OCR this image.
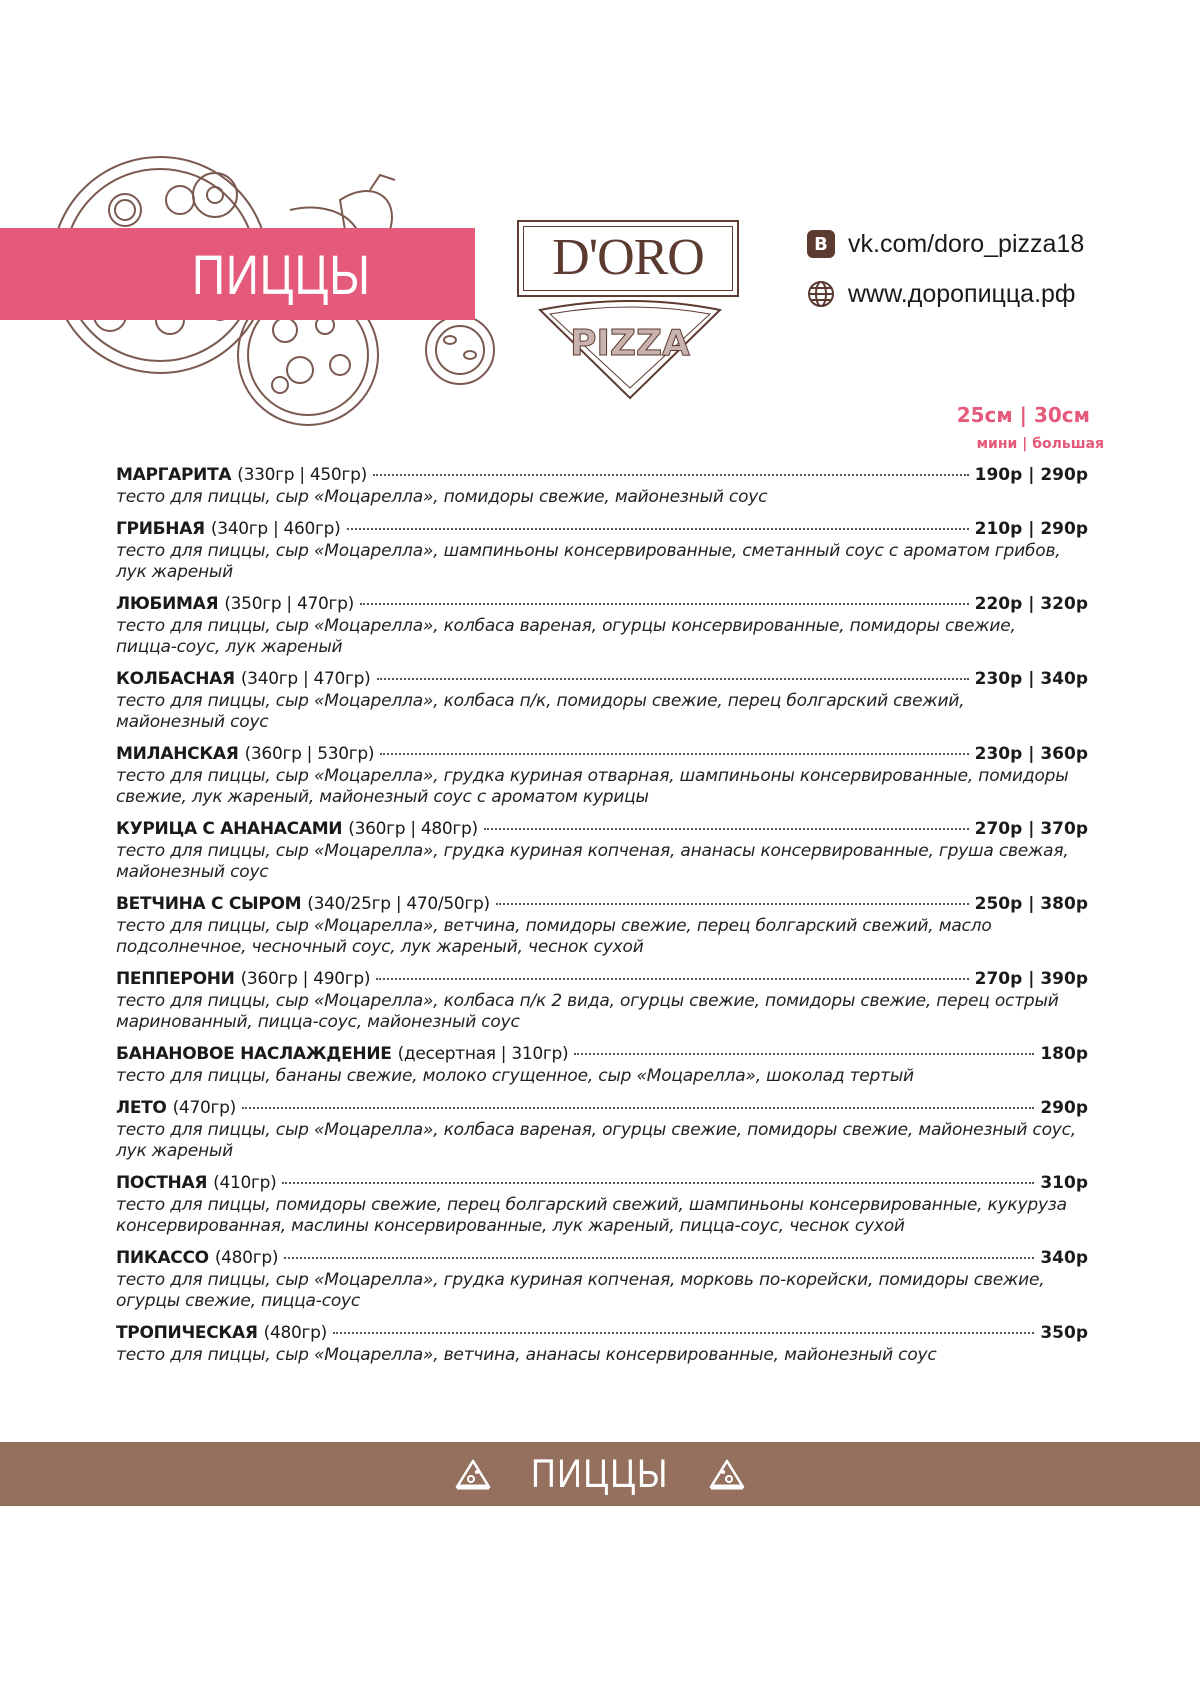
ПИЦЦЫ	D'ORO
PIZZA
B vk.com/doro_pizza18
www.доропицца.рф
25см | 30см
мини | большая
МАРГАРИТА (330гр | 450гр)	190р | 290р
тесто для пиццы, сыр «Моцарелла», помидоры свежие, майонезный соус
ГРИБНАЯ (340гр | 460гр)	210р | 290р
тесто для пиццы, сыр «Моцарелла», шампиньоны консервированные, сметанный соус с ароматом грибов, лук жареный
ЛЮБИМАЯ (350гр | 470гр)	220р | 320р
тесто для пиццы, сыр «Моцарелла», колбаса вареная, огурцы консервированные, помидоры свежие, пицца-соус, лук жареный
КОЛБАСНАЯ (340гр | 470гр)	230р | 340р
тесто для пиццы, сыр «Моцарелла», колбаса п/к, помидоры свежие, перец болгарский свежий, майонезный соус
МИЛАНСКАЯ (360гр | 530гр)	230р | 360р
тесто для пиццы, сыр «Моцарелла», грудка куриная отварная, шампиньоны консервированные, помидоры свежие, лук жареный, майонезный соус с ароматом курицы
КУРИЦА С АНАНАСАМИ (360гр | 480гр)	270р | 370р
тесто для пиццы, сыр «Моцарелла», грудка куриная копченая, ананасы консервированные, груша свежая, майонезный соус
ВЕТЧИНА С СЫРОМ (340/25гр | 470/50гр)	250р | 380р
тесто для пиццы, сыр «Моцарелла», ветчина, помидоры свежие, перец болгарский свежий, масло подсолнечное, чесночный соус, лук жареный, чеснок сухой
ПЕППЕРОНИ (360гр | 490гр)	270р | 390р
тесто для пиццы, сыр «Моцарелла», колбаса п/к 2 вида, огурцы свежие, помидоры свежие, перец острый маринованный, пицца-соус, майонезный соус
БАНАНОВОЕ НАСЛАЖДЕНИЕ (десертная | 310гр)	180р
тесто для пиццы, бананы свежие, молоко сгущенное, сыр «Моцарелла», шоколад тертый
ЛЕТО (470гр)	290р
тесто для пиццы, сыр «Моцарелла», колбаса вареная, огурцы свежие, помидоры свежие, майонезный соус, лук жареный
ПОСТНАЯ (410гр)	310р
тесто для пиццы, помидоры свежие, перец болгарский свежий, шампиньоны консервированные, кукуруза консервированная, маслины консервированные, лук жареный, пицца-соус, чеснок сухой
ПИКАССО (480гр)	340р
тесто для пиццы, сыр «Моцарелла», грудка куриная копченая, морковь по-корейски, помидоры свежие, огурцы свежие, пицца-соус
ТРОПИЧЕСКАЯ (480гр)	350р
тесто для пиццы, сыр «Моцарелла», ветчина, ананасы консервированные, майонезный соус
ПИЦЦЫ
